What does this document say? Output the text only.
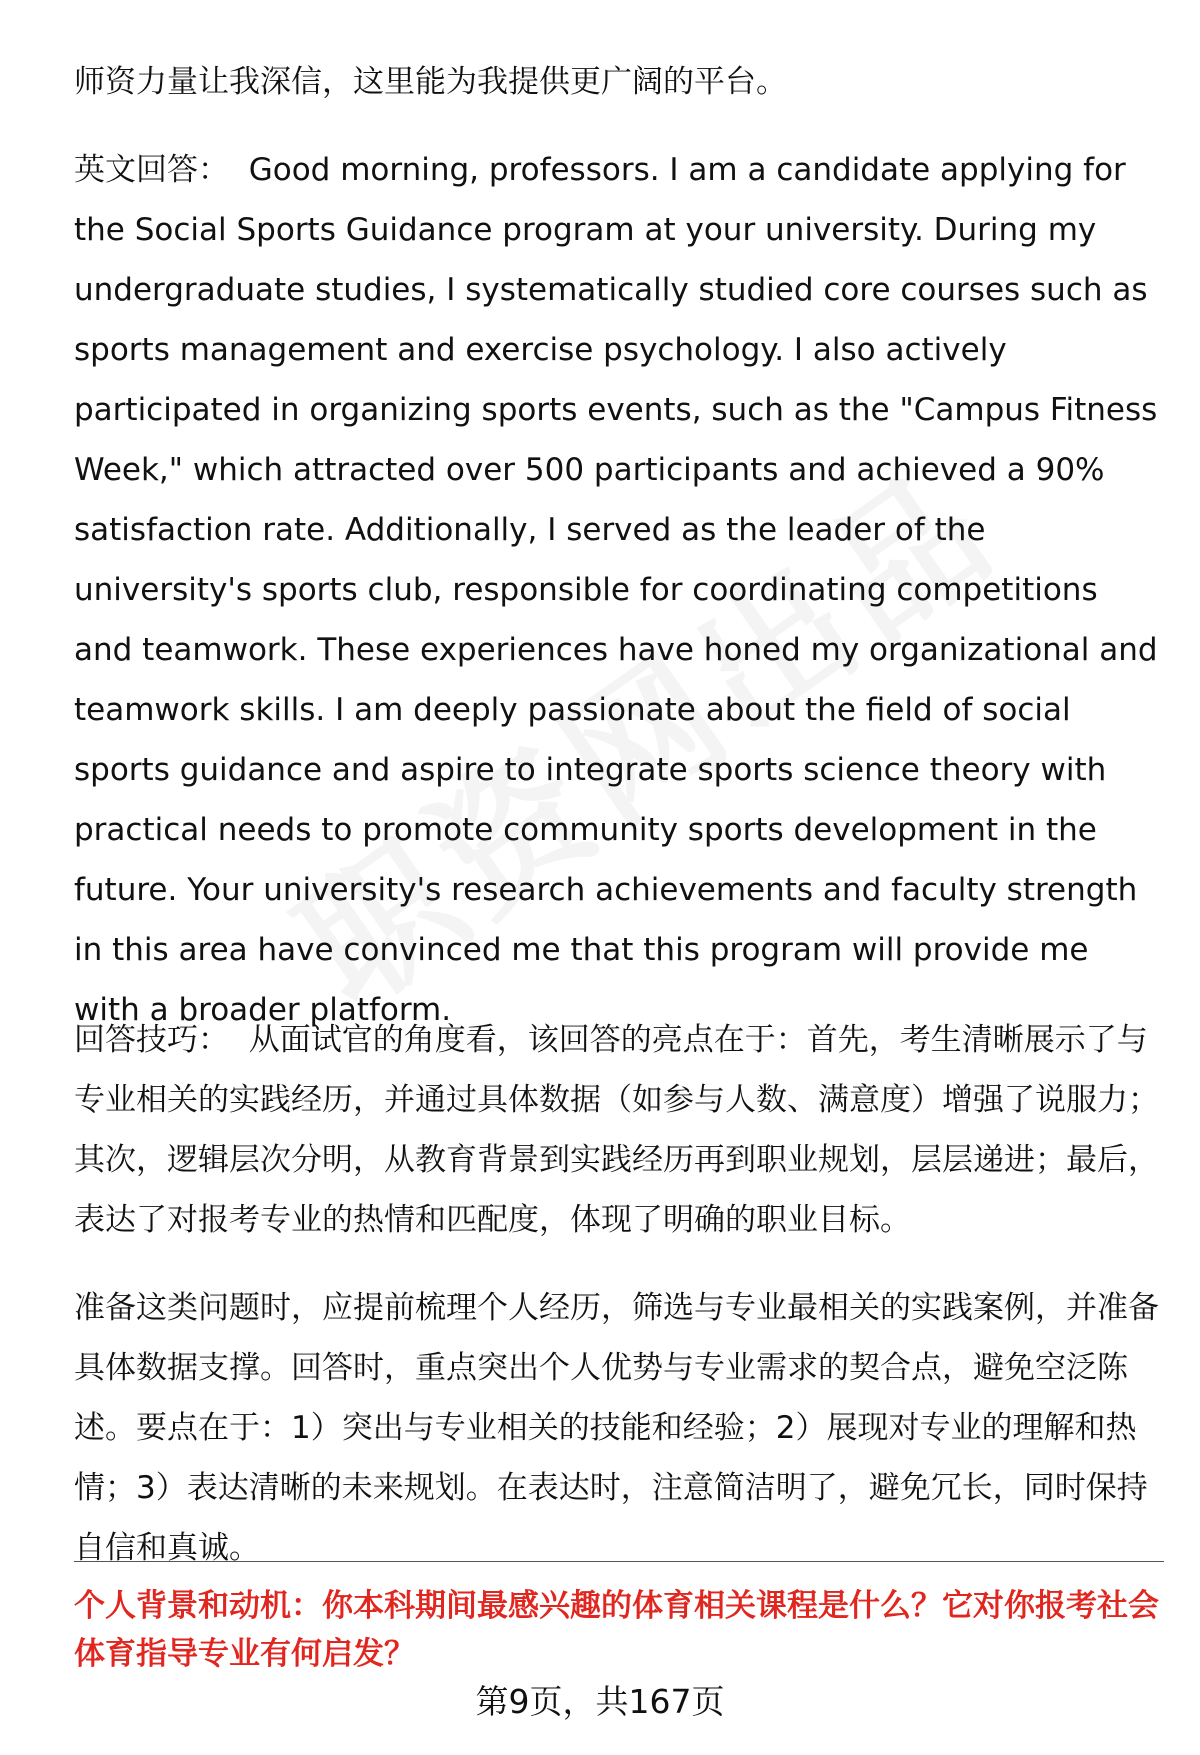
师资力量让我深信，这里能为我提供更广阔的平台。

英文回答： Good morning, professors. I am a candidate applying for the Social Sports Guidance program at your university. During my undergraduate studies, I systematically studied core courses such as sports management and exercise psychology. I also actively participated in organizing sports events, such as the "Campus Fitness Week," which attracted over 500 participants and achieved a 90% satisfaction rate. Additionally, I served as the leader of the university's sports club, responsible for coordinating competitions and teamwork. These experiences have honed my organizational and teamwork skills. I am deeply passionate about the field of social sports guidance and aspire to integrate sports science theory with practical needs to promote community sports development in the future. Your university's research achievements and faculty strength in this area have convinced me that this program will provide me with a broader platform.

回答技巧： 从面试官的角度看，该回答的亮点在于：首先，考生清晰展示了与专业相关的实践经历，并通过具体数据（如参与人数、满意度）增强了说服力；其次，逻辑层次分明，从教育背景到实践经历再到职业规划，层层递进；最后，表达了对报考专业的热情和匹配度，体现了明确的职业目标。

准备这类问题时，应提前梳理个人经历，筛选与专业最相关的实践案例，并准备具体数据支撑。回答时，重点突出个人优势与专业需求的契合点，避免空泛陈述。要点在于：1）突出与专业相关的技能和经验；2）展现对专业的理解和热情；3）表达清晰的未来规划。在表达时，注意简洁明了，避免冗长，同时保持自信和真诚。

个人背景和动机：你本科期间最感兴趣的体育相关课程是什么？它对你报考社会体育指导专业有何启发？

第9页，共167页
